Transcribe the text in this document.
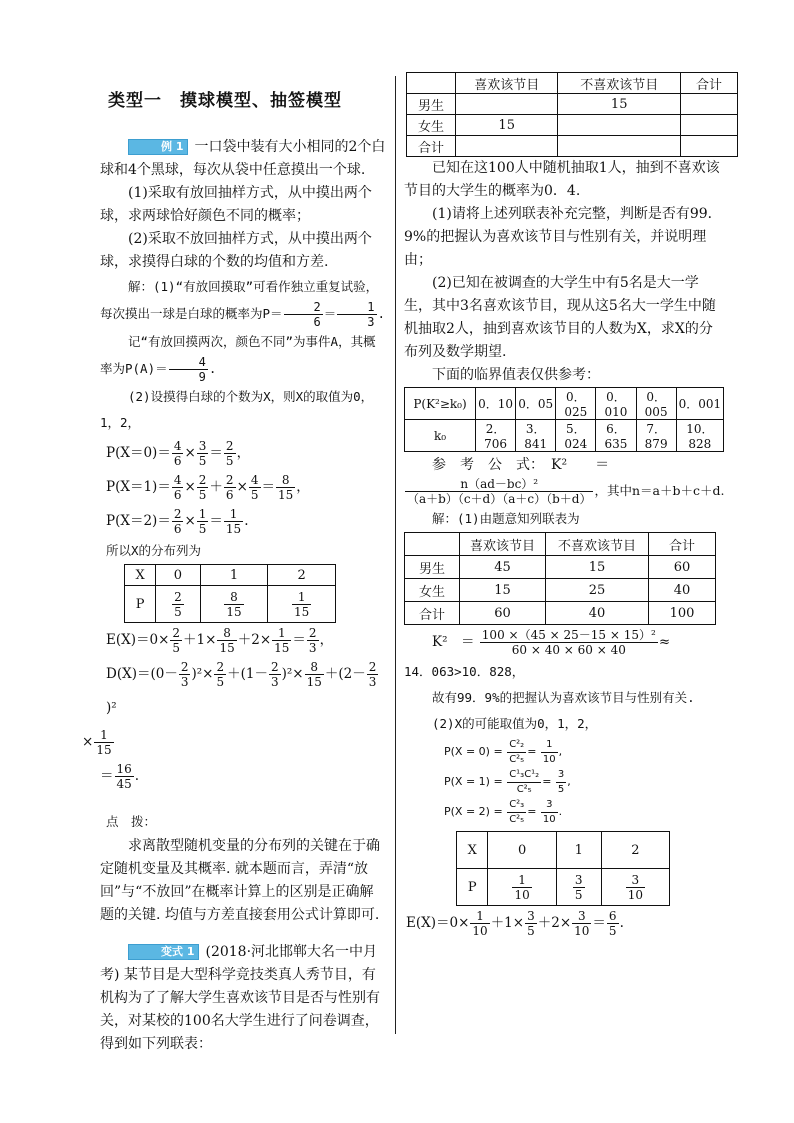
类型一　摸球模型、抽签模型

例 1 一口袋中装有大小相同的2个白球和4个黑球，每次从袋中任意摸出一个球.

(1)采取有放回抽样方式，从中摸出两个球，求两球恰好颜色不同的概率；

(2)采取不放回抽样方式，从中摸出两个球，求摸得白球的个数的均值和方差.

解：(1)“有放回摸取”可看作独立重复试验，每次摸出一球是白球的概率为$P= \frac{2}{6} = \frac{1}{3}$ .

记“有放回摸两次，颜色不同”为事件A，其概率为$P(A)= \frac{4}{9}$ .

(2)设摸得白球的个数为X，则X的取值为0，1，2，

$P(X=0)= \frac{4}{6} \times \frac{3}{5} = \frac{2}{5}$ ，
$P(X=1)= \frac{4}{6} \times \frac{2}{5} + \frac{2}{6} \times \frac{4}{5} = \frac{8}{15}$ ，
$P(X=2)= \frac{2}{6} \times \frac{1}{5} = \frac{1}{15}$ .

所以X的分布列为

X	0	1	2
P	$\frac{2}{5}$	$\frac{8}{15}$	$\frac{1}{15}$
$E(X)=0\times \frac{2}{5} +1\times \frac{8}{15} +2\times \frac{1}{15} = \frac{2}{3}$ ，
$D(X)=(0- \frac{2}{3} )^2\times \frac{2}{5} +(1- \frac{2}{3} )^2\times \frac{8}{15} +(2- \frac{2}{3}$
)²
× $\frac{1}{15}$
＝ $\frac{16}{45}$ .

点　拨：

求离散型随机变量的分布列的关键在于确定随机变量及其概率. 就本题而言，弄清“放回”与“不放回”在概率计算上的区别是正确解题的关键. 均值与方差直接套用公式计算即可.

变式 1 (2018·河北邯郸大名一中月考) 某节目是大型科学竞技类真人秀节目，有机构为了了解大学生喜欢该节目是否与性别有关，对某校的100名大学生进行了问卷调查，得到如下列联表：

	喜欢该节目	不喜欢该节目	合计
男生		15	
女生	15		
合计			

已知在这100人中随机抽取1人，抽到不喜欢该节目的大学生的概率为0．4.

(1)请将上述列联表补充完整，判断是否有99．9%的把握认为喜欢该节目与性别有关，并说明理由；

(2)已知在被调查的大学生中有5名是大一学生，其中3名喜欢该节目，现从这5名大一学生中随机抽取2人，抽到喜欢该节目的人数为X，求X的分布列及数学期望.

下面的临界值表仅供参考：

P(K²≥k₀)	0．10	0．05	0．025	0．010	0．005	0．001
k₀	2．706	3．841	5．024	6．635	7．879	10．828

参　考　公　式：　K²　　＝

$\frac{\text{n（ad－bc）²}}{(a+b)(c+d)(a+c)(b+d)}$ ，其中n＝a＋b＋c＋d.

解：(1)由题意知列联表为

	喜欢该节目	不喜欢该节目	合计
男生	45	15	60
女生	15	25	40
合计	60	40	100
K²　＝ $\frac{\text{100 ×（45 × 25－15 × 15）²}}{60 \times 40 \times 60 \times 40}$ ≈

14．063>10．828，

故有99．9%的把握认为喜欢该节目与性别有关.

(2)X的可能取值为0，1，2，

$P(X = 0) = \frac{\text{C²₂}}{\text{C²₅}} = \frac{1}{10}$ ,
$P(X = 1) = \frac{\text{C¹₃C¹₂}}{\text{C²₅}} = \frac{3}{5}$ ,
$P(X = 2) = \frac{\text{C²₃}}{\text{C²₅}} = \frac{3}{10}$ .
X	0	1	2
P	$\frac{1}{10}$	$\frac{3}{5}$	$\frac{3}{10}$
$E(X)=0\times \frac{1}{10} +1\times \frac{3}{5} +2\times \frac{3}{10} = \frac{6}{5}$ .
